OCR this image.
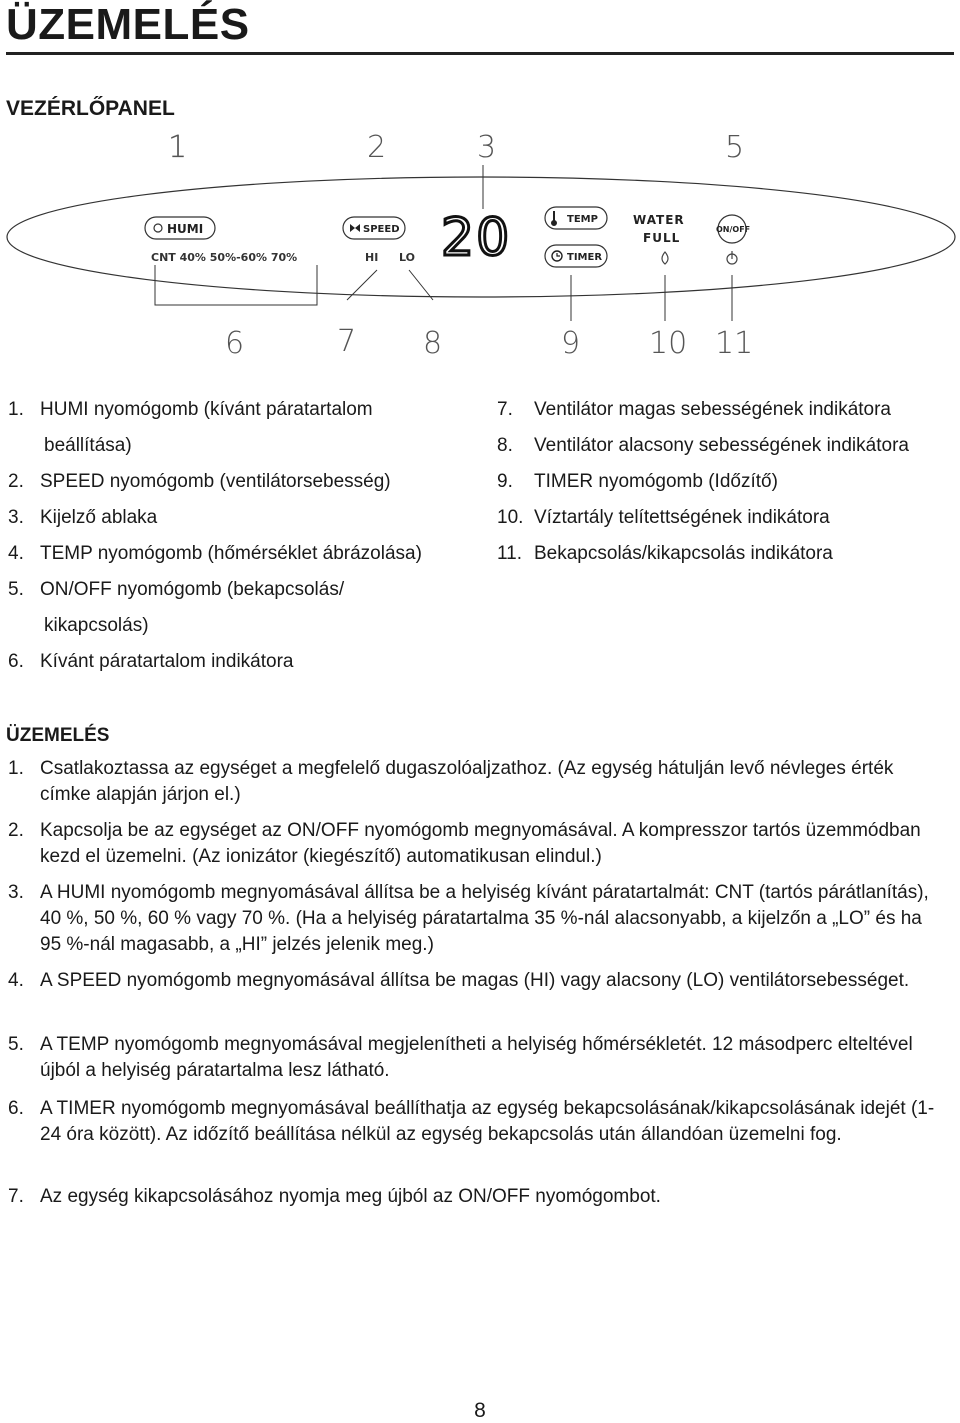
ÜZEMELÉS
VEZÉRLŐPANEL
1	2	3	5
HUMI
CNT 40% 50%-60% 70%
SPEED
HI LO 20	TEMP
TIMER
WATER
FULL
ON/OFF
6	7 8	9 10 11
1. HUMI nyomógomb (kívánt páratartalom
beállítása)
2. SPEED nyomógomb (ventilátorsebesség)
3. Kijelző ablaka
4. TEMP nyomógomb (hőmérséklet ábrázolása)
5. ON/OFF nyomógomb (bekapcsolás/
kikapcsolás)
6. Kívánt páratartalom indikátora
7. Ventilátor magas sebességének indikátora
8. Ventilátor alacsony sebességének indikátora
9. TIMER nyomógomb (Időzítő)
10. Víztartály telítettségének indikátora
11. Bekapcsolás/kikapcsolás indikátora
ÜZEMELÉS
1. Csatlakoztassa az egységet a megfelelő dugaszolóaljzathoz. (Az egység hátulján levő névleges érték címke alapján járjon el.)
2. Kapcsolja be az egységet az ON/OFF nyomógomb megnyomásával. A kompresszor tartós üzemmódban kezd el üzemelni. (Az ionizátor (kiegészítő) automatikusan elindul.)
3. A HUMI nyomógomb megnyomásával állítsa be a helyiség kívánt páratartalmát: CNT (tartós párátlanítás), 40 %, 50 %, 60 % vagy 70 %. (Ha a helyiség páratartalma 35 %-nál alacsonyabb, a kijelzőn a „LO” és ha 95 %-nál magasabb, a „HI” jelzés jelenik meg.)
4. A SPEED nyomógomb megnyomásával állítsa be magas (HI) vagy alacsony (LO) ventilátorsebességet.
5. A TEMP nyomógomb megnyomásával megjelenítheti a helyiség hőmérsékletét. 12 másodperc elteltével újból a helyiség páratartalma lesz látható.
6. A TIMER nyomógomb megnyomásával beállíthatja az egység bekapcsolásának/kikapcsolásának idejét (1-24 óra között). Az időzítő beállítása nélkül az egység bekapcsolás után állandóan üzemelni fog.
7. Az egység kikapcsolásához nyomja meg újból az ON/OFF nyomógombot.
8
